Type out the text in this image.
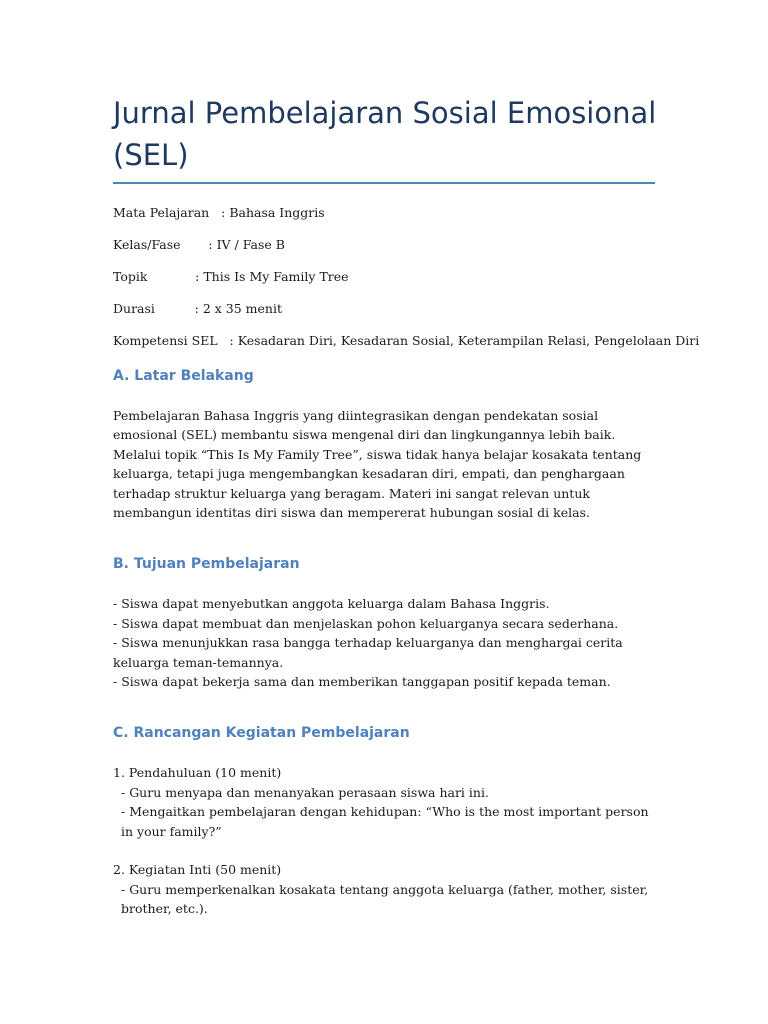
Jurnal Pembelajaran Sosial Emosional (SEL)

Mata Pelajaran   : Bahasa Inggris

Kelas/Fase       : IV / Fase B

Topik            : This Is My Family Tree

Durasi          : 2 x 35 menit

Kompetensi SEL   : Kesadaran Diri, Kesadaran Sosial, Keterampilan Relasi, Pengelolaan Diri

A. Latar Belakang

Pembelajaran Bahasa Inggris yang diintegrasikan dengan pendekatan sosial emosional (SEL) membantu siswa mengenal diri dan lingkungannya lebih baik. Melalui topik “This Is My Family Tree”, siswa tidak hanya belajar kosakata tentang keluarga, tetapi juga mengembangkan kesadaran diri, empati, dan penghargaan terhadap struktur keluarga yang beragam. Materi ini sangat relevan untuk membangun identitas diri siswa dan mempererat hubungan sosial di kelas.

B. Tujuan Pembelajaran

- Siswa dapat menyebutkan anggota keluarga dalam Bahasa Inggris.

- Siswa dapat membuat dan menjelaskan pohon keluarganya secara sederhana.

- Siswa menunjukkan rasa bangga terhadap keluarganya dan menghargai cerita keluarga teman-temannya.

- Siswa dapat bekerja sama dan memberikan tanggapan positif kepada teman.

C. Rancangan Kegiatan Pembelajaran

1. Pendahuluan (10 menit)

- Guru menyapa dan menanyakan perasaan siswa hari ini.

- Mengaitkan pembelajaran dengan kehidupan: “Who is the most important person in your family?”

2. Kegiatan Inti (50 menit)

- Guru memperkenalkan kosakata tentang anggota keluarga (father, mother, sister, brother, etc.).
